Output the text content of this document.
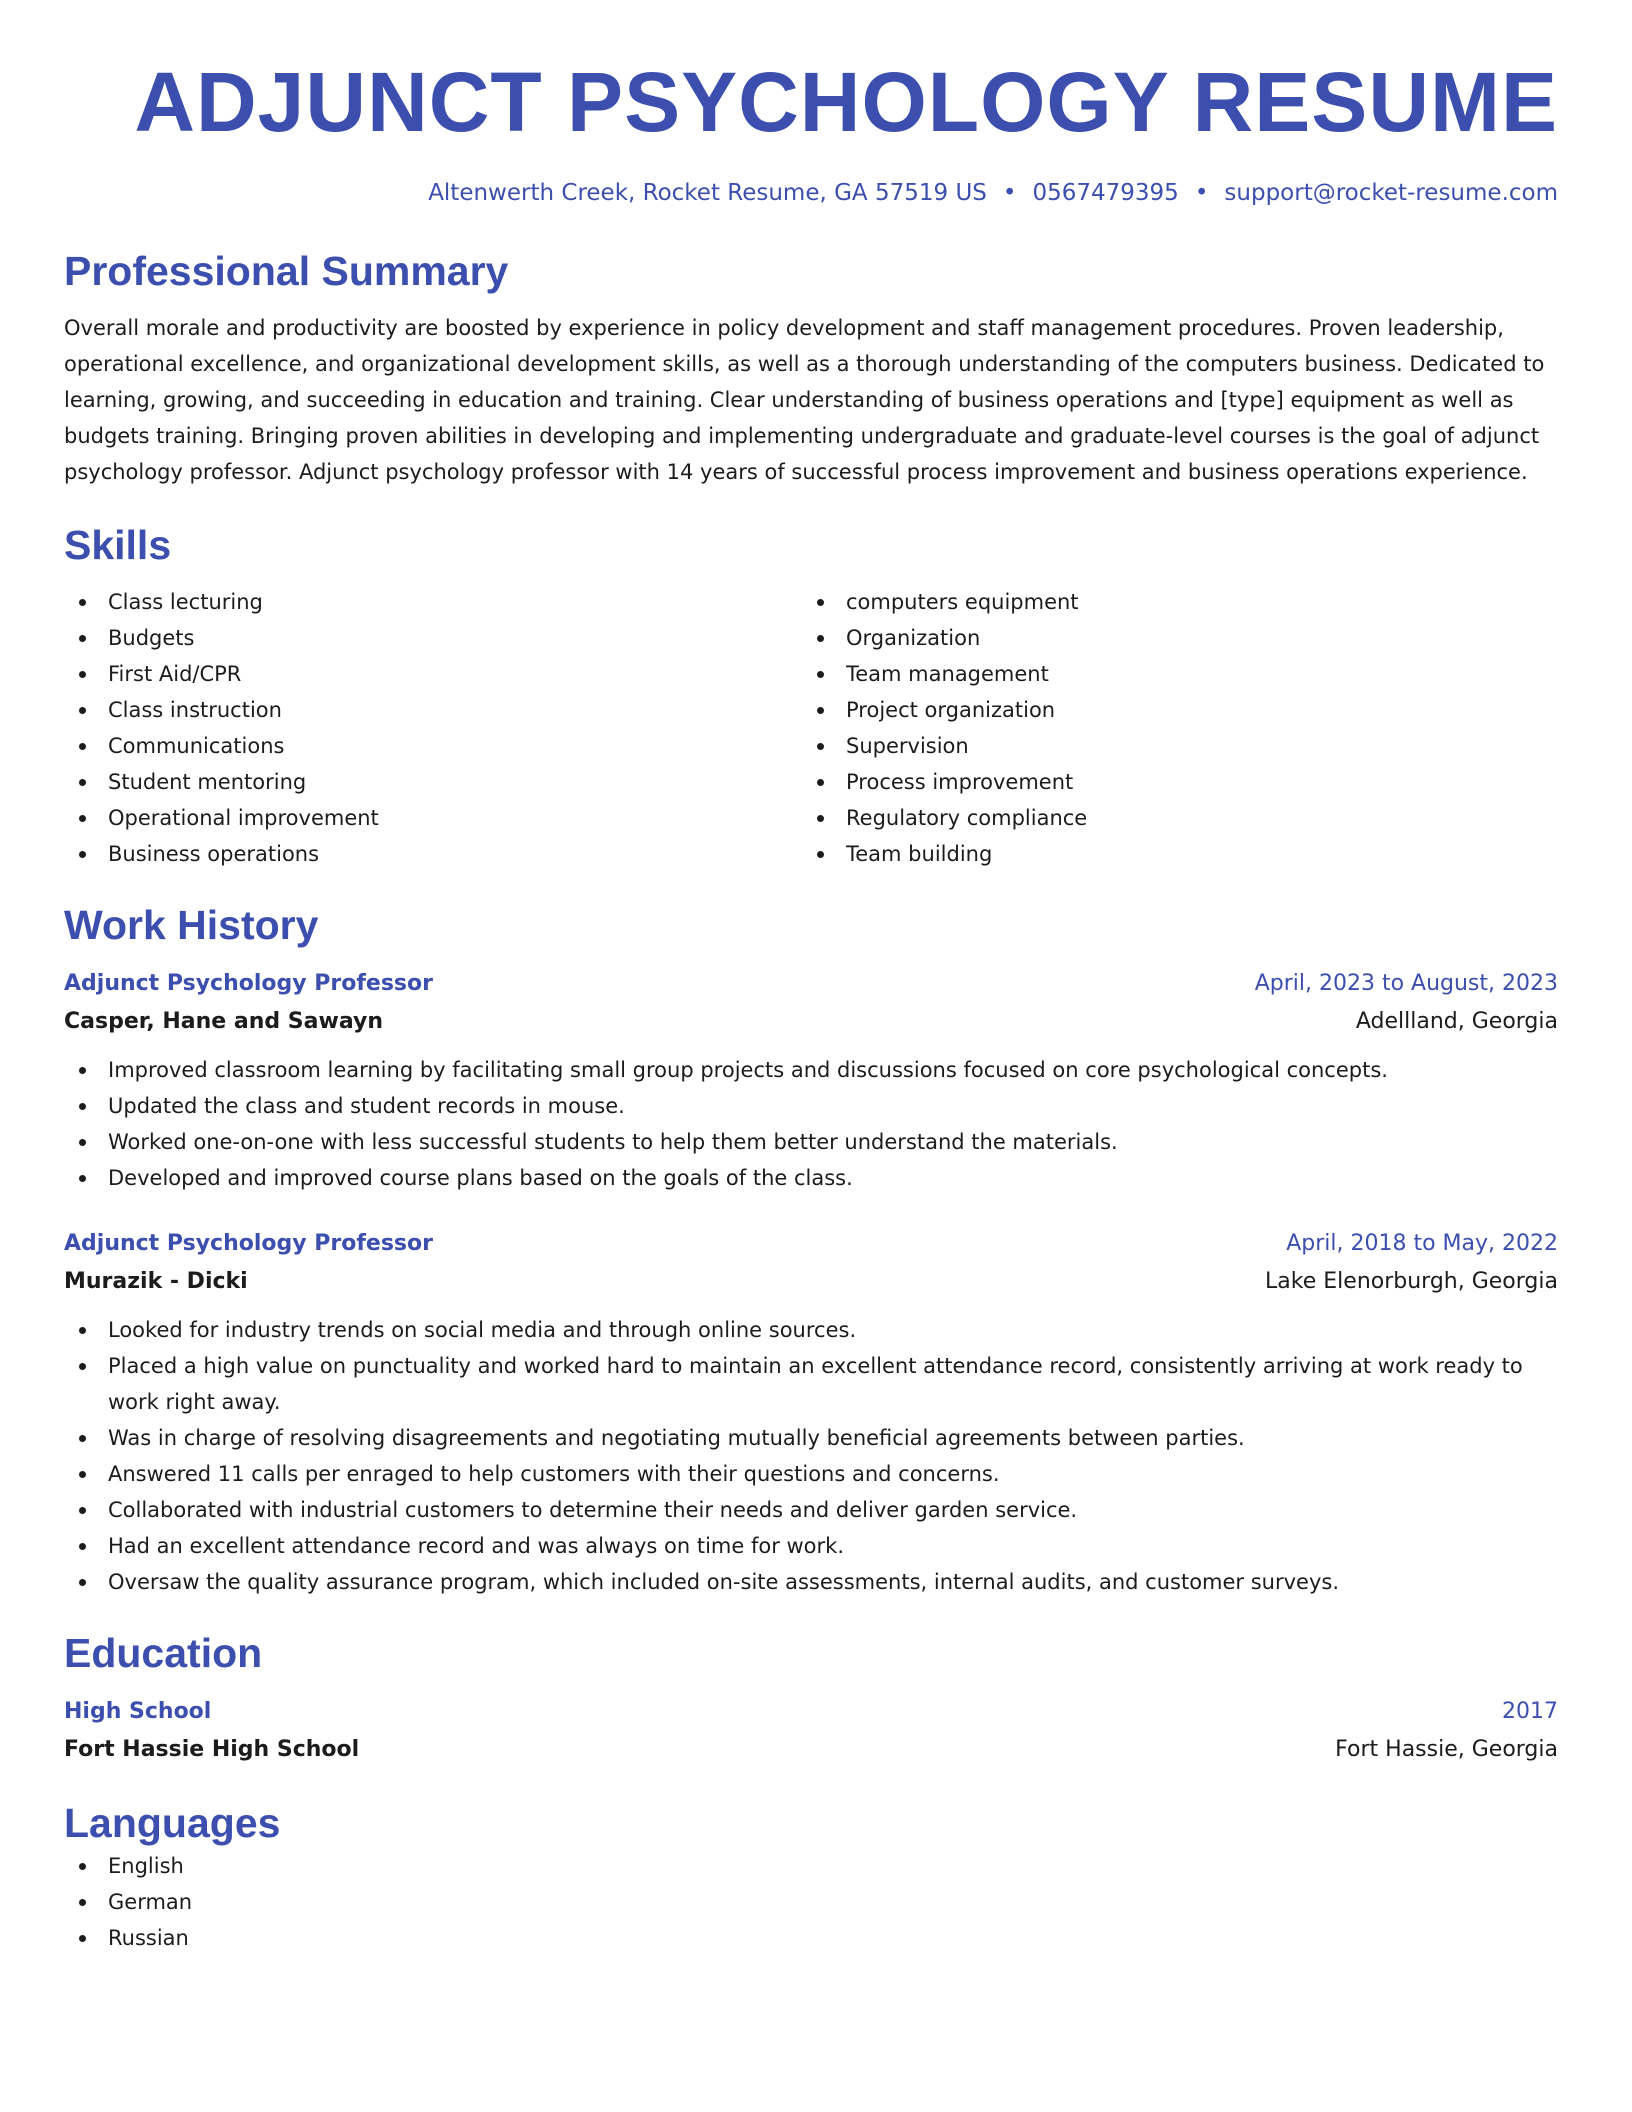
ADJUNCT PSYCHOLOGY RESUME
Altenwerth Creek, Rocket Resume, GA 57519 US • 0567479395 • support@rocket-resume.com
Professional Summary

Overall morale and productivity are boosted by experience in policy development and staff management procedures. Proven leadership, operational excellence, and organizational development skills, as well as a thorough understanding of the computers business. Dedicated to learning, growing, and succeeding in education and training. Clear understanding of business operations and [type] equipment as well as budgets training. Bringing proven abilities in developing and implementing undergraduate and graduate-level courses is the goal of adjunct psychology professor. Adjunct psychology professor with 14 years of successful process improvement and business operations experience.

Skills
Class lecturing
Budgets
First Aid/CPR
Class instruction
Communications
Student mentoring
Operational improvement
Business operations
computers equipment
Organization
Team management
Project organization
Supervision
Process improvement
Regulatory compliance
Team building
Work History
Adjunct Psychology Professor	April, 2023 to August, 2023
Casper, Hane and Sawayn	Adellland, Georgia
Improved classroom learning by facilitating small group projects and discussions focused on core psychological concepts.
Updated the class and student records in mouse.
Worked one-on-one with less successful students to help them better understand the materials.
Developed and improved course plans based on the goals of the class.
Adjunct Psychology Professor	April, 2018 to May, 2022
Murazik - Dicki	Lake Elenorburgh, Georgia
Looked for industry trends on social media and through online sources.
Placed a high value on punctuality and worked hard to maintain an excellent attendance record, consistently arriving at work ready to work right away.
Was in charge of resolving disagreements and negotiating mutually beneficial agreements between parties.
Answered 11 calls per enraged to help customers with their questions and concerns.
Collaborated with industrial customers to determine their needs and deliver garden service.
Had an excellent attendance record and was always on time for work.
Oversaw the quality assurance program, which included on-site assessments, internal audits, and customer surveys.
Education
High School	2017
Fort Hassie High School	Fort Hassie, Georgia
Languages
English
German
Russian
